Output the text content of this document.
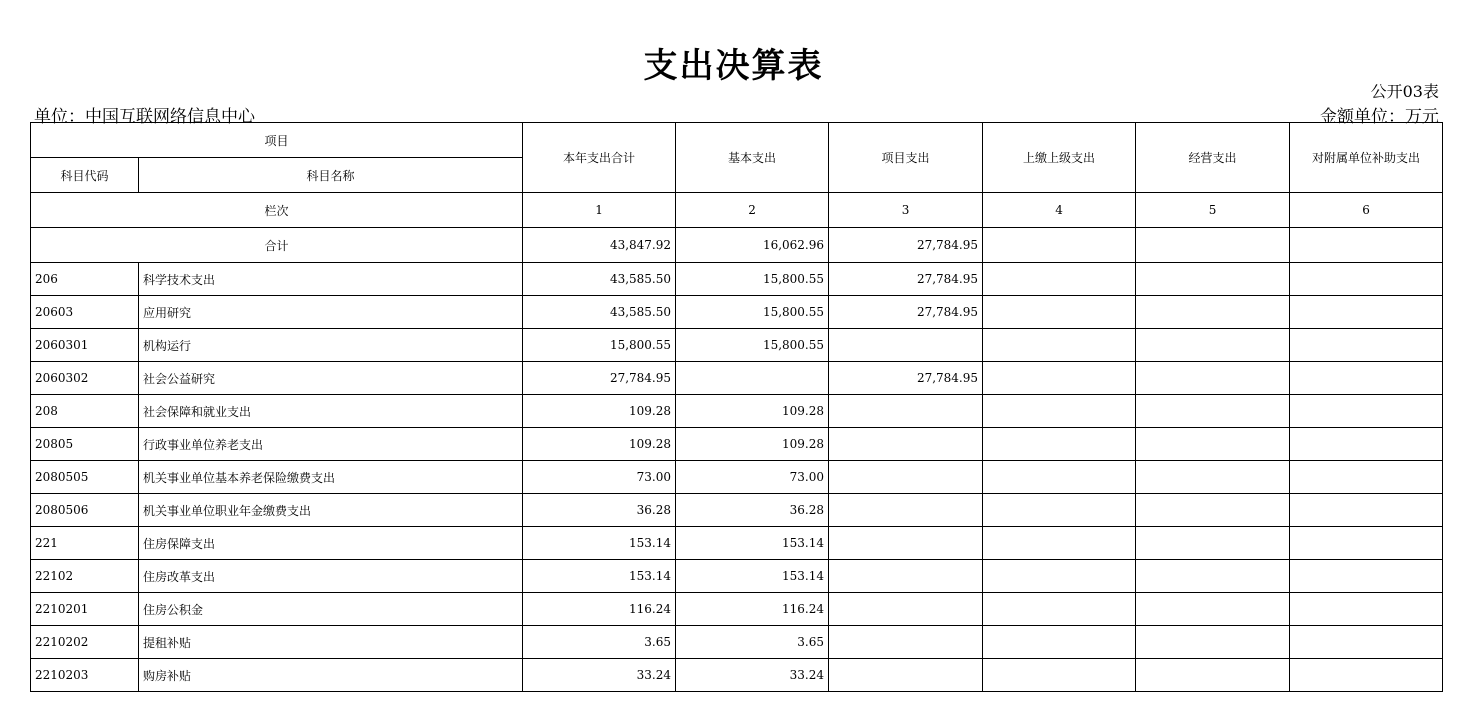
支出决算表
公开03表
单位：中国互联网络信息中心	金额单位：万元
项目		本年支出合计	基本支出	项目支出	上缴上级支出	经营支出	对附属单位补助支出
科目代码	科目名称						
栏次		1	2	3	4	5	6
合计		43,847.92	16,062.96	27,784.95			
206	科学技术支出	43,585.50	15,800.55	27,784.95			
20603	应用研究	43,585.50	15,800.55	27,784.95			
2060301	机构运行	15,800.55	15,800.55				
2060302	社会公益研究	27,784.95		27,784.95			
208	社会保障和就业支出	109.28	109.28				
20805	行政事业单位养老支出	109.28	109.28				
2080505	机关事业单位基本养老保险缴费支出	73.00	73.00				
2080506	机关事业单位职业年金缴费支出	36.28	36.28				
221	住房保障支出	153.14	153.14				
22102	住房改革支出	153.14	153.14				
2210201	住房公积金	116.24	116.24				
2210202	提租补贴	3.65	3.65				
2210203	购房补贴	33.24	33.24				
